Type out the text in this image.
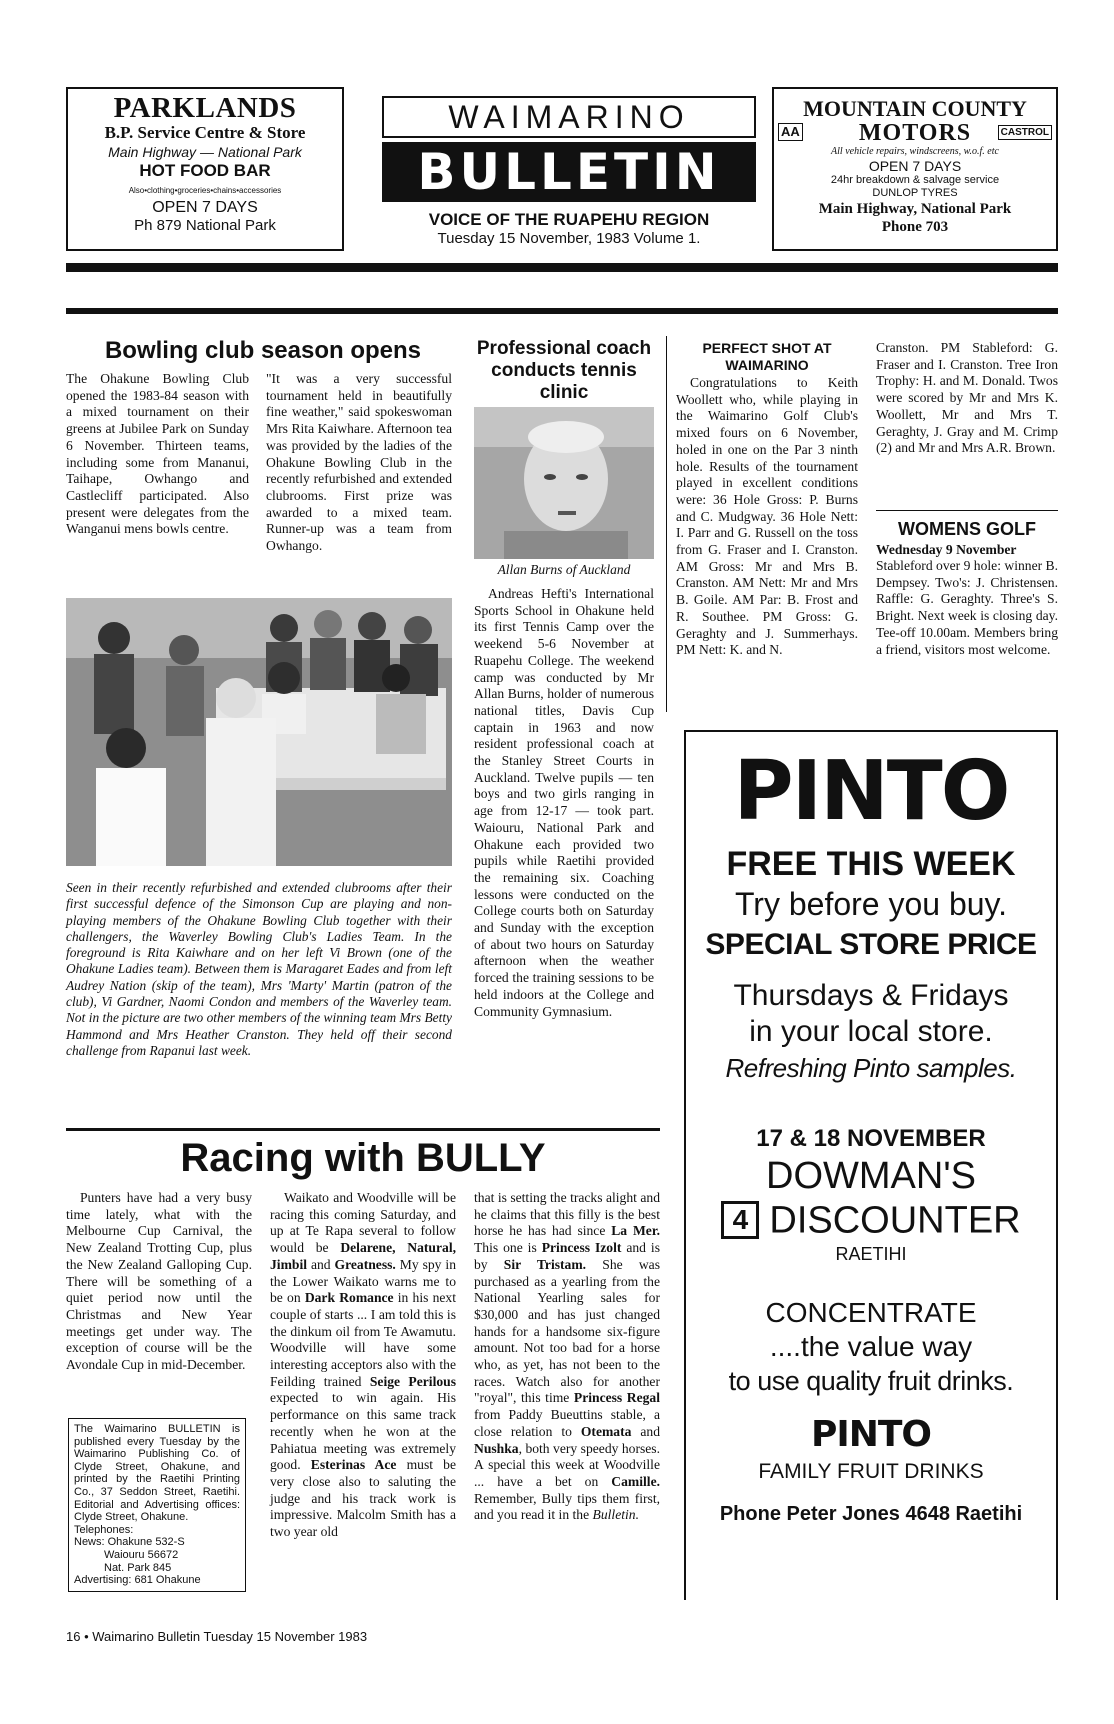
PARKLANDS
B.P. Service Centre & Store
Main Highway — National Park
HOT FOOD BAR
Also•clothing•groceries•chains•accessories
OPEN 7 DAYS
Ph 879 National Park
WAIMARINO
BULLETIN
VOICE OF THE RUAPEHU REGION
Tuesday 15 November, 1983 Volume 1.
MOUNTAIN COUNTY
AA MOTORS	CASTROL
All vehicle repairs, windscreens, w.o.f. etc
OPEN 7 DAYS
24hr breakdown & salvage service
DUNLOP TYRES
Main Highway, National Park
Phone 703
Bowling club season opens

The Ohakune Bowling Club opened the 1983-84 season with a mixed tournament on their greens at Jubilee Park on Sunday 6 November. Thirteen teams, including some from Mananui, Taihape, Owhango and Castlecliff participated. Also present were delegates from the Wanganui mens bowls centre.

"It was a very successful tournament held in beautifully fine weather," said spokeswoman Mrs Rita Kaiwhare. Afternoon tea was provided by the ladies of the Ohakune Bowling Club in the recently refurbished and extended clubrooms. First prize was awarded to a mixed team. Runner-up was a team from Owhango.

Seen in their recently refurbished and extended clubrooms after their first successful defence of the Simonson Cup are playing and non-playing members of the Ohakune Bowling Club together with their challengers, the Waverley Bowling Club's Ladies Team. In the foreground is Rita Kaiwhare and on her left Vi Brown (one of the Ohakune Ladies team). Between them is Maragaret Eades and from left Audrey Nation (skip of the team), Mrs 'Marty' Martin (patron of the club), Vi Gardner, Naomi Condon and members of the Waverley team. Not in the picture are two other members of the winning team Mrs Betty Hammond and Mrs Heather Cranston. They held off their second challenge from Rapanui last week.

Professional coach conducts tennis clinic
Allan Burns of Auckland

Andreas Hefti's International Sports School in Ohakune held its first Tennis Camp over the weekend 5-6 November at Ruapehu College. The weekend camp was conducted by Mr Allan Burns, holder of numerous national titles, Davis Cup captain in 1963 and now resident professional coach at the Stanley Street Courts in Auckland. Twelve pupils — ten boys and two girls ranging in age from 12-17 — took part. Waiouru, National Park and Ohakune each provided two pupils while Raetihi provided the remaining six. Coaching lessons were conducted on the College courts both on Saturday and Sunday with the exception of about two hours on Saturday afternoon when the weather forced the training sessions to be held indoors at the College and Community Gymnasium.

PERFECT SHOT AT WAIMARINO

Congratulations to Keith Woollett who, while playing in the Waimarino Golf Club's mixed fours on 6 November, holed in one on the Par 3 ninth hole. Results of the tournament played in excellent conditions were: 36 Hole Gross: P. Burns and C. Mudgway. 36 Hole Nett: I. Parr and G. Russell on the toss from G. Fraser and I. Cranston. AM Gross: Mr and Mrs B. Cranston. AM Nett: Mr and Mrs B. Goile. AM Par: B. Frost and R. Southee. PM Gross: G. Geraghty and J. Summerhays. PM Nett: K. and N.

Cranston. PM Stableford: G. Fraser and I. Cranston. Tree Iron Trophy: H. and M. Donald. Twos were scored by Mr and Mrs K. Woollett, Mr and Mrs T. Geraghty, J. Gray and M. Crimp (2) and Mr and Mrs A.R. Brown.

WOMENS GOLF
Wednesday 9 November

Stableford over 9 hole: winner B. Dempsey. Two's: J. Christensen. Raffle: G. Geraghty. Three's S. Bright. Next week is closing day. Tee-off 10.00am. Members bring a friend, visitors most welcome.

PINTO
FREE THIS WEEK
Try before you buy.
SPECIAL STORE PRICE
Thursdays & Fridays
in your local store.
Refreshing Pinto samples.
17 & 18 NOVEMBER
DOWMAN'S
4 DISCOUNTER
RAETIHI
CONCENTRATE
....the value way
to use quality fruit drinks.
PINTO
FAMILY FRUIT DRINKS
Phone Peter Jones 4648 Raetihi
Racing with BULLY

Punters have had a very busy time lately, what with the Melbourne Cup Carnival, the New Zealand Trotting Cup, plus the New Zealand Galloping Cup. There will be something of a quiet period now until the Christmas and New Year meetings get under way. The exception of course will be the Avondale Cup in mid-December.

Waikato and Woodville will be racing this coming Saturday, and up at Te Rapa several to follow would be Delarene, Natural, Jimbil and Greatness. My spy in the Lower Waikato warns me to be on Dark Romance in his next couple of starts ... I am told this is the dinkum oil from Te Awamutu. Woodville will have some interesting acceptors also with the Feilding trained Seige Perilous expected to win again. His performance on this same track recently when he won at the Pahiatua meeting was extremely good. Esterinas Ace must be very close also to saluting the judge and his track work is impressive. Malcolm Smith has a two year old

that is setting the tracks alight and he claims that this filly is the best horse he has had since La Mer. This one is Princess Izolt and is by Sir Tristam. She was purchased as a yearling from the National Yearling sales for $30,000 and has just changed hands for a handsome six-figure amount. Not too bad for a horse who, as yet, has not been to the races. Watch also for another "royal", this time Princess Regal from Paddy Bueuttins stable, a close relation to Otemata and Nushka, both very speedy horses. A special this week at Woodville ... have a bet on Camille. Remember, Bully tips them first, and you read it in the Bulletin.

The Waimarino BULLETIN is published every Tuesday by the Waimarino Publishing Co. of Clyde Street, Ohakune, and printed by the Raetihi Printing Co., 37 Seddon Street, Raetihi. Editorial and Advertising offices: Clyde Street, Ohakune.
Telephones:
News: Ohakune 532-S
Waiouru 56672
Nat. Park 845
Advertising: 681 Ohakune
16 • Waimarino Bulletin Tuesday 15 November 1983
